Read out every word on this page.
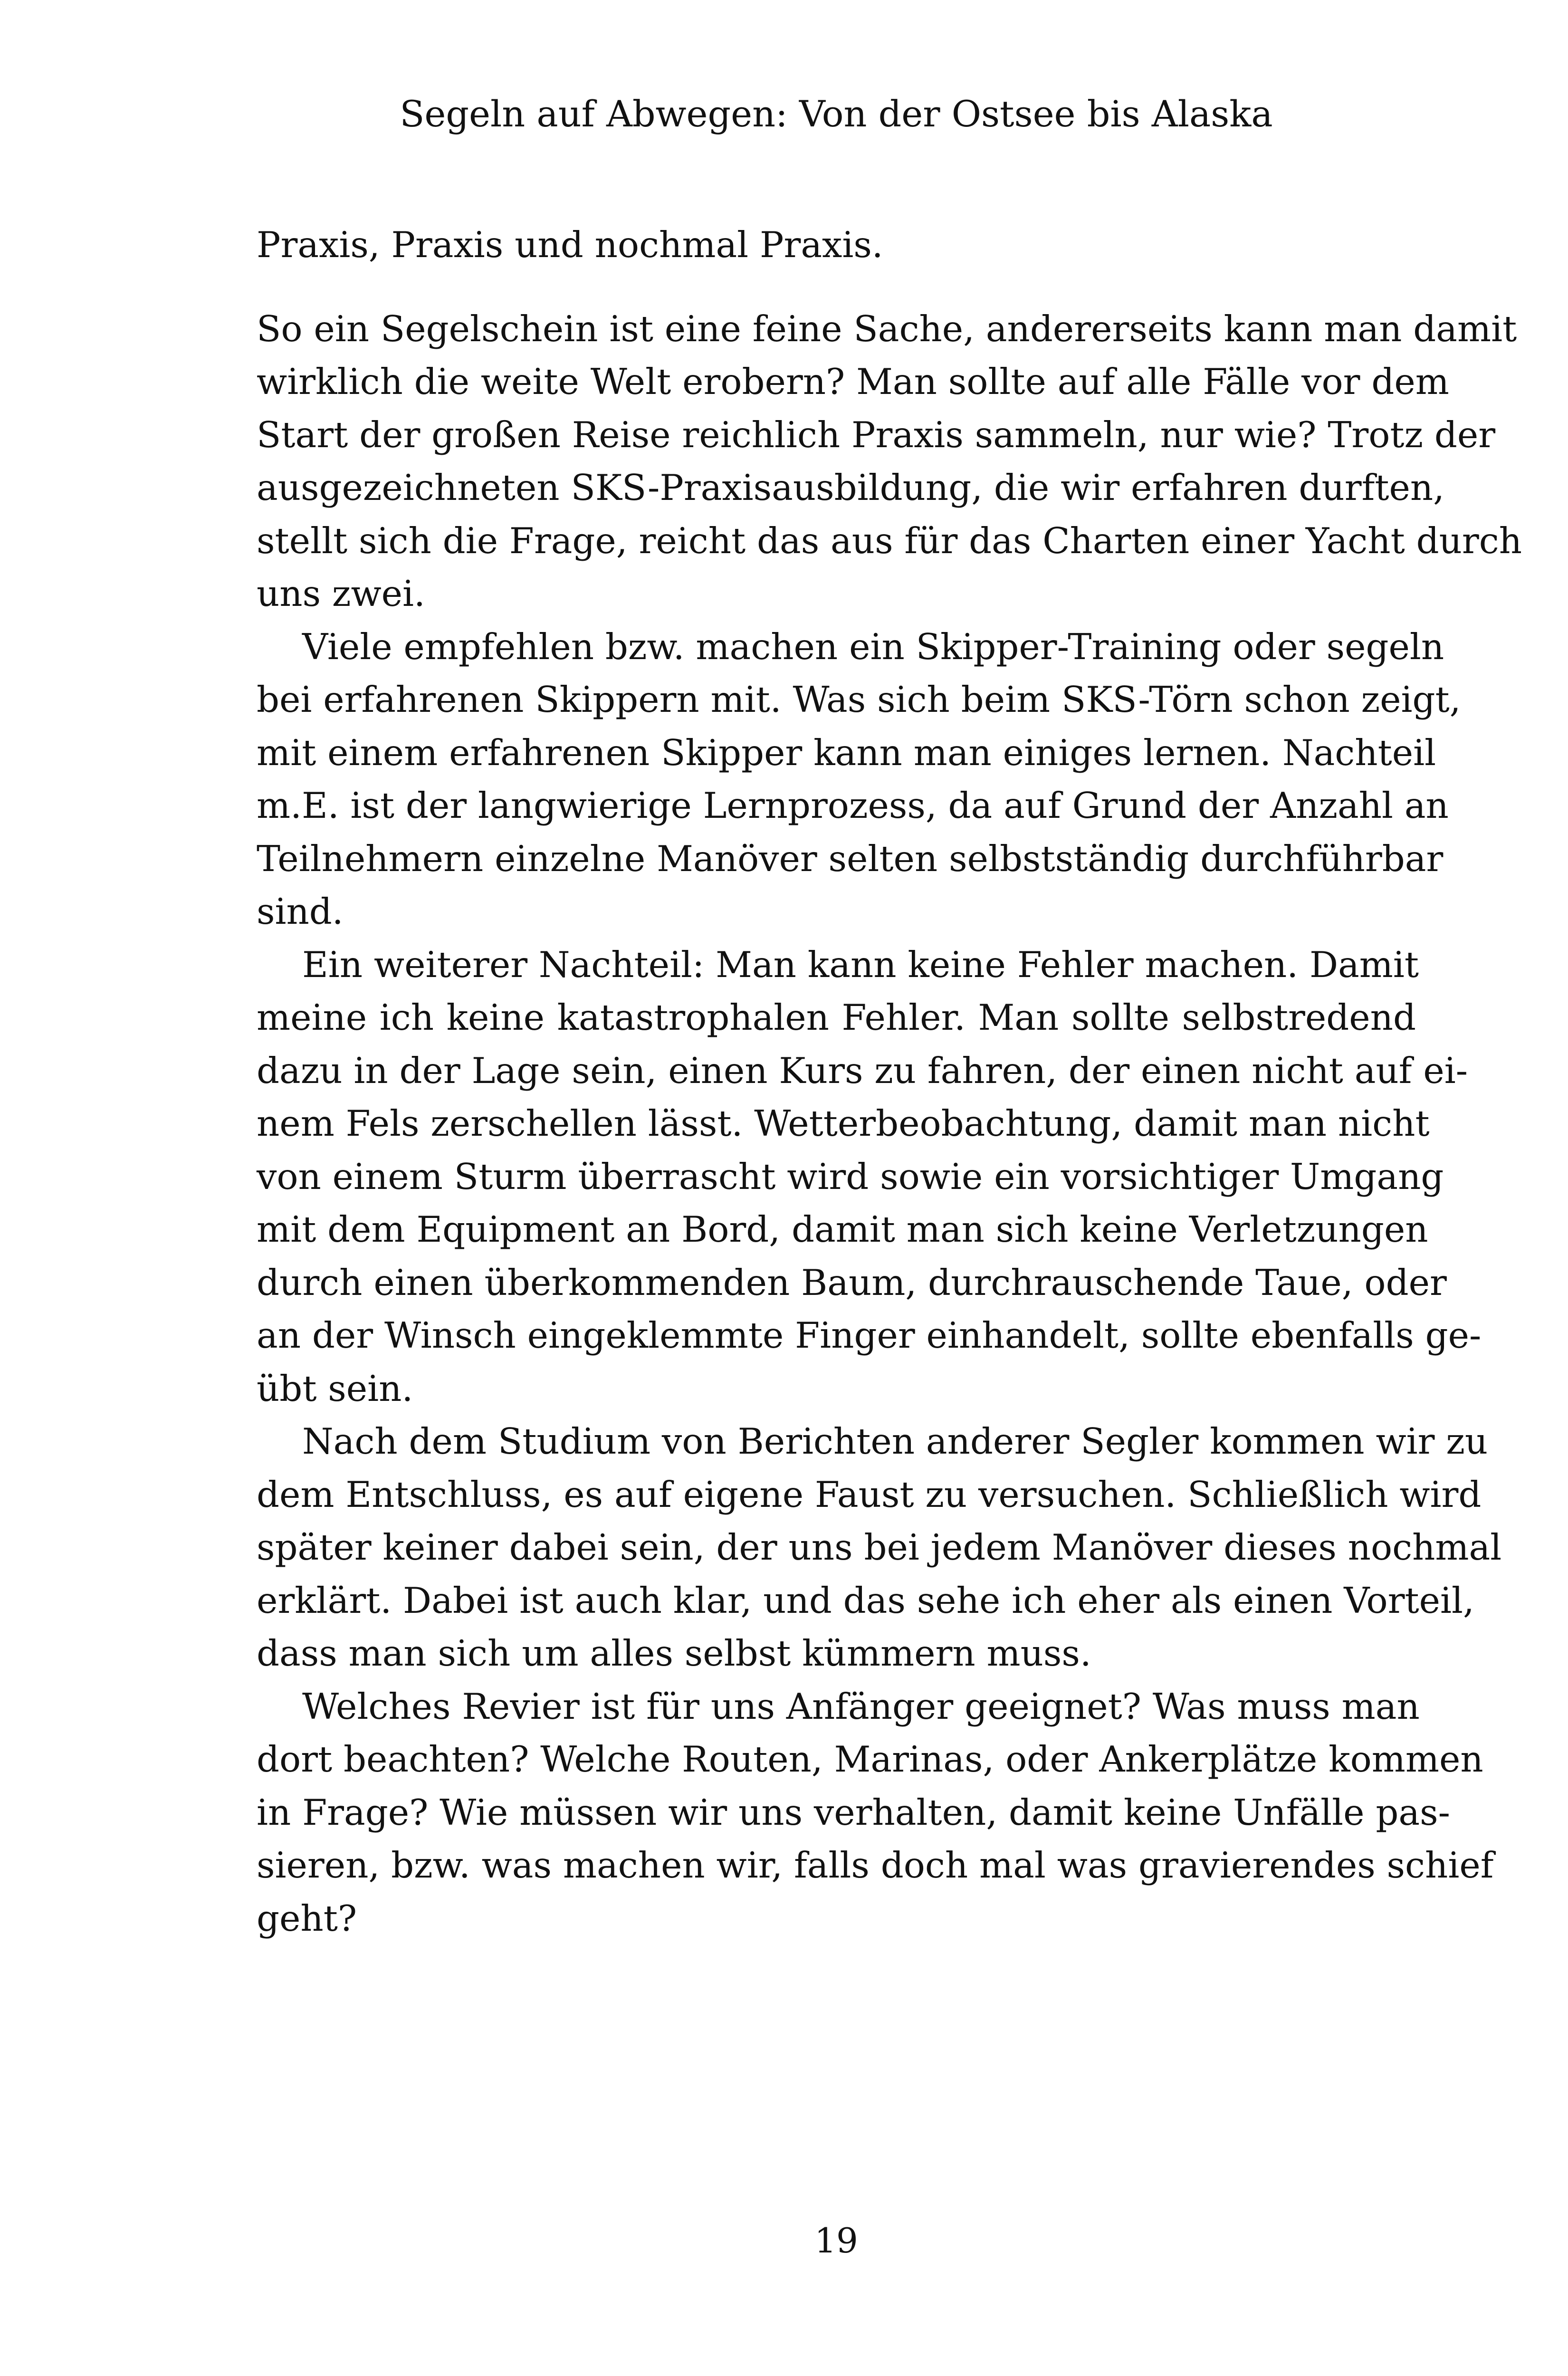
Segeln auf Abwegen: Von der Ostsee bis Alaska
Praxis, Praxis und nochmal Praxis.
So ein Segelschein ist eine feine Sache, andererseits kann man damit
wirklich die weite Welt erobern? Man sollte auf alle Fälle vor dem
Start der großen Reise reichlich Praxis sammeln, nur wie? Trotz der
ausgezeichneten SKS-Praxisausbildung, die wir erfahren durften,
stellt sich die Frage, reicht das aus für das Charten einer Yacht durch
uns zwei.
Viele empfehlen bzw. machen ein Skipper-Training oder segeln
bei erfahrenen Skippern mit. Was sich beim SKS-Törn schon zeigt,
mit einem erfahrenen Skipper kann man einiges lernen. Nachteil
m.E. ist der langwierige Lernprozess, da auf Grund der Anzahl an
Teilnehmern einzelne Manöver selten selbstständig durchführbar
sind.
Ein weiterer Nachteil: Man kann keine Fehler machen. Damit
meine ich keine katastrophalen Fehler. Man sollte selbstredend
dazu in der Lage sein, einen Kurs zu fahren, der einen nicht auf ei-
nem Fels zerschellen lässt. Wetterbeobachtung, damit man nicht
von einem Sturm überrascht wird sowie ein vorsichtiger Umgang
mit dem Equipment an Bord, damit man sich keine Verletzungen
durch einen überkommenden Baum, durchrauschende Taue, oder
an der Winsch eingeklemmte Finger einhandelt, sollte ebenfalls ge-
übt sein.
Nach dem Studium von Berichten anderer Segler kommen wir zu
dem Entschluss, es auf eigene Faust zu versuchen. Schließlich wird
später keiner dabei sein, der uns bei jedem Manöver dieses nochmal
erklärt. Dabei ist auch klar, und das sehe ich eher als einen Vorteil,
dass man sich um alles selbst kümmern muss.
Welches Revier ist für uns Anfänger geeignet? Was muss man
dort beachten? Welche Routen, Marinas, oder Ankerplätze kommen
in Frage? Wie müssen wir uns verhalten, damit keine Unfälle pas-
sieren, bzw. was machen wir, falls doch mal was gravierendes schief
geht?
19
